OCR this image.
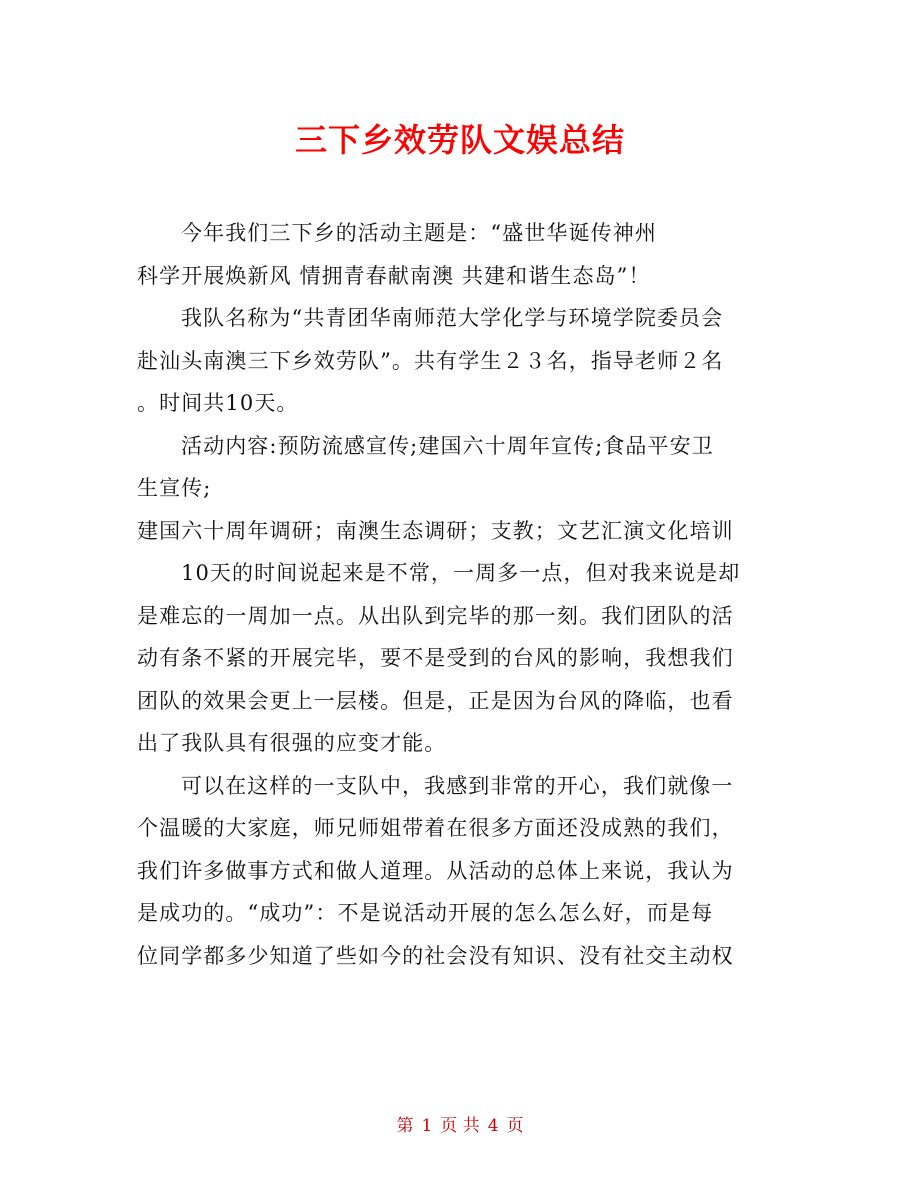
三下乡效劳队文娱总结
今年我们三下乡的活动主题是：“盛世华诞传神州
科学开展焕新风 情拥青春献南澳 共建和谐生态岛”！
我队名称为“共青团华南师范大学化学与环境学院委员会
赴汕头南澳三下乡效劳队”。共有学生２３名，指导老师２名
。时间共10天。
活动内容:预防流感宣传;建国六十周年宣传;食品平安卫
生宣传;
建国六十周年调研；南澳生态调研；支教；文艺汇演文化培训
10天的时间说起来是不常，一周多一点，但对我来说是却
是难忘的一周加一点。从出队到完毕的那一刻。我们团队的活
动有条不紧的开展完毕，要不是受到的台风的影响，我想我们
团队的效果会更上一层楼。但是，正是因为台风的降临，也看
出了我队具有很强的应变才能。
可以在这样的一支队中，我感到非常的开心，我们就像一
个温暖的大家庭，师兄师姐带着在很多方面还没成熟的我们，
我们许多做事方式和做人道理。从活动的总体上来说，我认为
是成功的。“成功”：不是说活动开展的怎么怎么好，而是每
位同学都多少知道了些如今的社会没有知识、没有社交主动权
第 1 页 共 4 页
